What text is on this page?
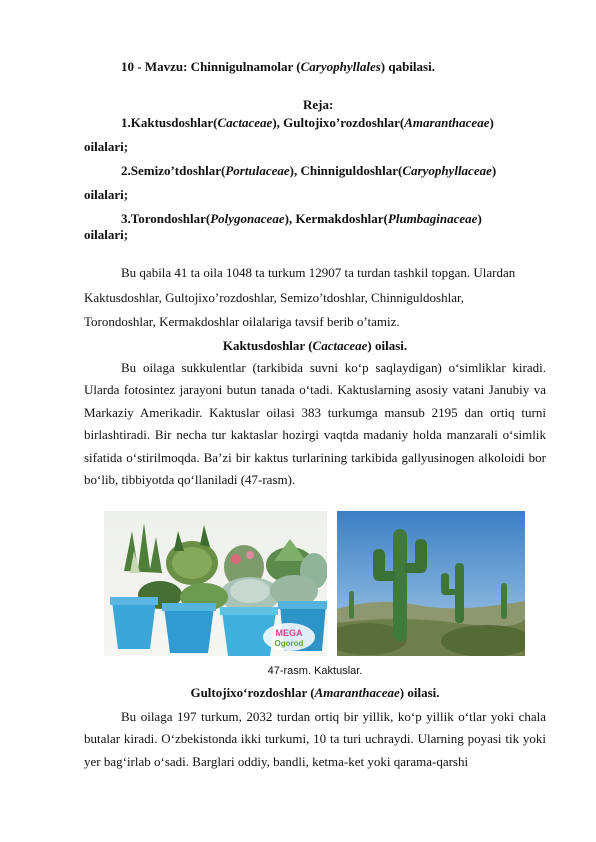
10 - Mavzu: Chinnigulnamolar (Caryophyllales) qabilasi.
Reja:
1.Kaktusdoshlar(Cactaceae), Gultojixo’rozdoshlar(Amaranthaceae)
oilalari;
2.Semizo’tdoshlar(Portulaceae), Chinniguldoshlar(Caryophyllaceae)
oilalari;
3.Torondoshlar(Polygonaceae), Kermakdoshlar(Plumbaginaceae)
oilalari;
Bu qabila 41 ta oila 1048 ta turkum 12907 ta turdan tashkil topgan. Ulardan
Kaktusdoshlar, Gultojixo’rozdoshlar, Semizo’tdoshlar, Chinniguldoshlar,
Torondoshlar, Kermakdoshlar oilalariga tavsif berib o’tamiz.
Kaktusdoshlar (Cactaceae) oilasi.
Bu oilaga sukkulentlar (tarkibida suvni ko‘p saqlaydigan) o‘simliklar kiradi. Ularda fotosintez jarayoni butun tanada o‘tadi. Kaktuslarning asosiy vatani Janubiy va Markaziy Amerikadir. Kaktuslar oilasi 383 turkumga mansub 2195 dan ortiq turni birlashtiradi. Bir necha tur kaktaslar hozirgi vaqtda madaniy holda manzarali o‘simlik sifatida o‘stirilmoqda. Ba’zi bir kaktus turlarining tarkibida gallyusinogen alkoloidi bor bo‘lib, tibbiyotda qo‘llaniladi (47-rasm).
MEGA
Ogorod
47-rasm. Kaktuslar.
Gultojixo‘rozdoshlar (Amaranthaceae) oilasi.
Bu oilaga 197 turkum, 2032 turdan ortiq bir yillik, ko‘p yillik o‘tlar yoki chala butalar kiradi. O‘zbekistonda ikki turkumi, 10 ta turi uchraydi. Ularning poyasi tik yoki yer bag‘irlab o‘sadi. Barglari oddiy, bandli, ketma-ket yoki qarama-qarshi
